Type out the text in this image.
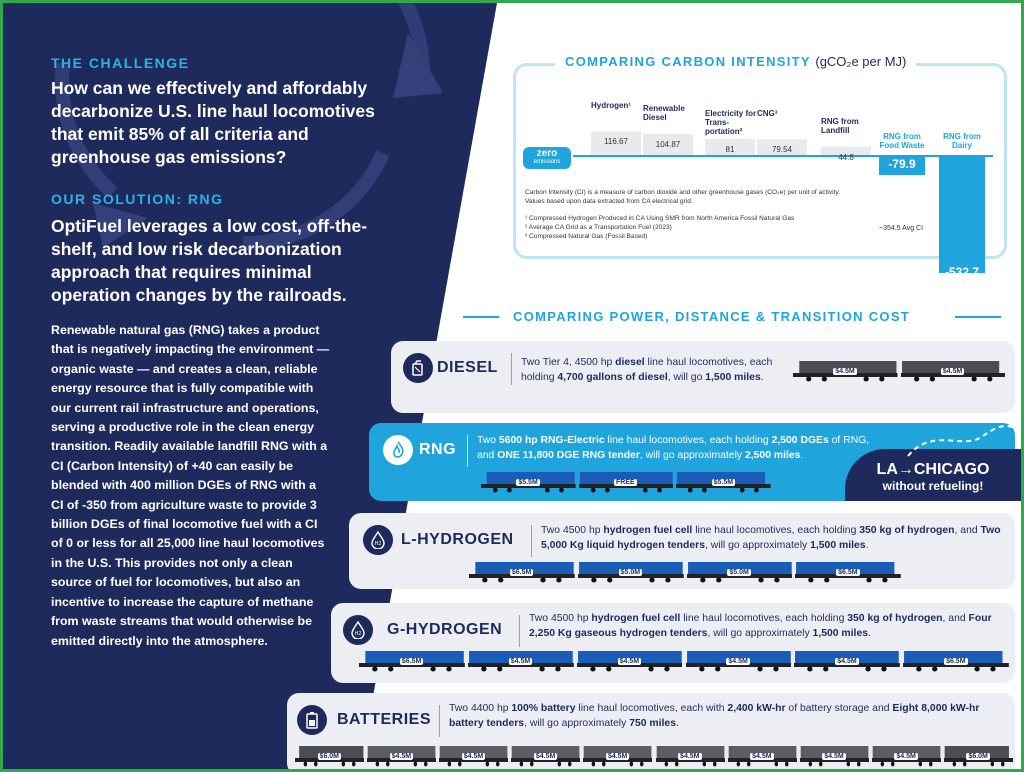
THE CHALLENGE
How can we effectively and affordably decarbonize U.S. line haul locomotives that emit 85% of all criteria and greenhouse gas emissions?
OUR SOLUTION: RNG
OptiFuel leverages a low cost, off-the-shelf, and low risk decarbonization approach that requires minimal operation changes by the railroads.
Renewable natural gas (RNG) takes a product that is negatively impacting the environment — organic waste — and creates a clean, reliable energy resource that is fully compatible with our current rail infrastructure and operations, serving a productive role in the clean energy transition. Readily available landfill RNG with a CI (Carbon Intensity) of +40 can easily be blended with 400 million DGEs of RNG with a CI of -350 from agriculture waste to provide 3 billion DGEs of final locomotive fuel with a CI of 0 or less for all 25,000 line haul locomotives in the U.S. This provides not only a clean source of fuel for locomotives, but also an incentive to increase the capture of methane from waste streams that would otherwise be emitted directly into the atmosphere.
COMPARING CARBON INTENSITY (gCO₂e per MJ)
Hydrogen¹
116.67
Renewable Diesel
104.87
Electricity for Trans-portation²
81
CNG³
79.54
RNG from Landfill
44.8
RNG from Food Waste
-79.9
RNG from Dairy
-532.7
zero
emissions
Carbon Intensity (CI) is a measure of carbon dioxide and other greenhouse gases (CO₂e) per unit of activity. Values based upon data extracted from CA electrical grid.
¹ Compressed Hydrogen Produced in CA Using SMR from North America Fossil Natural Gas
² Average CA Grid as a Transportation Fuel (2023)
³ Compressed Natural Gas (Fossil Based)
~354.5 Avg CI
COMPARING POWER, DISTANCE & TRANSITION COST
DIESEL Two Tier 4, 4500 hp diesel line haul locomotives, each holding 4,700 gallons of diesel, will go 1,500 miles.
$4.5M	$4.5M
RNG
Two 5600 hp RNG-Electric line haul locomotives, each holding 2,500 DGEs of RNG, and ONE 11,800 DGE RNG tender, will go approximately 2,500 miles.
$5.5M	FREE	$5.5M
H2 L-HYDROGEN
Two 4500 hp hydrogen fuel cell line haul locomotives, each holding 350 kg of hydrogen, and Two 5,000 Kg liquid hydrogen tenders, will go approximately 1,500 miles.
$6.5M	$5.0M	$5.0M	$6.5M
H2 G-HYDROGEN
Two 4500 hp hydrogen fuel cell line haul locomotives, each holding 350 kg of hydrogen, and Four 2,250 Kg gaseous hydrogen tenders, will go approximately 1,500 miles.
$6.5M	$4.5M	$4.5M	$4.5M	$4.5M	$6.5M
BATTERIES
Two 4400 hp 100% battery line haul locomotives, each with 2,400 kW-hr of battery storage and Eight 8,000 kW-hr battery tenders, will go approximately 750 miles.
$6.0M	$4.5M	$4.5M	$4.5M	$4.5M	$4.5M	$4.5M	$4.5M	$4.5M	$6.0M
LA→CHICAGO
without refueling!
